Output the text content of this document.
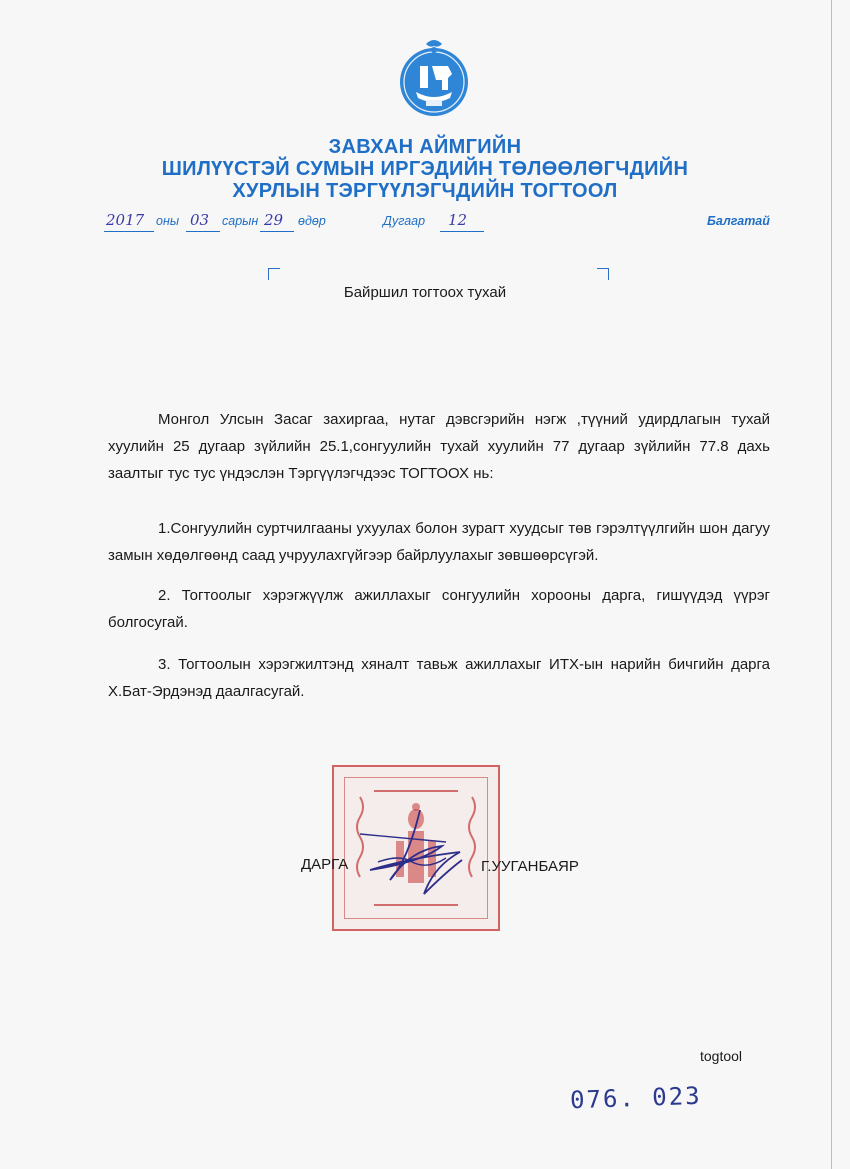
ЗАВХАН АЙМГИЙН
ШИЛҮҮСТЭЙ СУМЫН ИРГЭДИЙН ТӨЛӨӨЛӨГЧДИЙН
ХУРЛЫН ТЭРГҮҮЛЭГЧДИЙН ТОГТООЛ
2017 оны 03 сарын 29 өдөр	Дугаар 12	Балгатай

Байршил тогтоох тухай

Монгол Улсын Засаг захиргаа, нутаг дэвсгэрийн нэгж ,түүний удирдлагын тухай хуулийн 25 дугаар зүйлийн 25.1,сонгуулийн тухай хуулийн 77 дугаар зүйлийн 77.8 дахь заалтыг тус тус үндэслэн Тэргүүлэгчдээс ТОГТООХ нь:

1.Сонгуулийн суртчилгааны ухуулах болон зурагт хуудсыг төв гэрэлтүүлгийн шон дагуу замын хөдөлгөөнд саад учруулахгүйгээр байрлуулахыг зөвшөөрсүгэй.

2. Тогтоолыг хэрэгжүүлж ажиллахыг сонгуулийн хорооны дарга, гишүүдэд үүрэг болгосугай.

3. Тогтоолын хэрэгжилтэнд хяналт тавьж ажиллахыг ИТХ-ын нарийн бичгийн дарга Х.Бат-Эрдэнэд даалгасугай.

ДАРГА	Г.УУГАНБАЯР
togtool
076. 023
